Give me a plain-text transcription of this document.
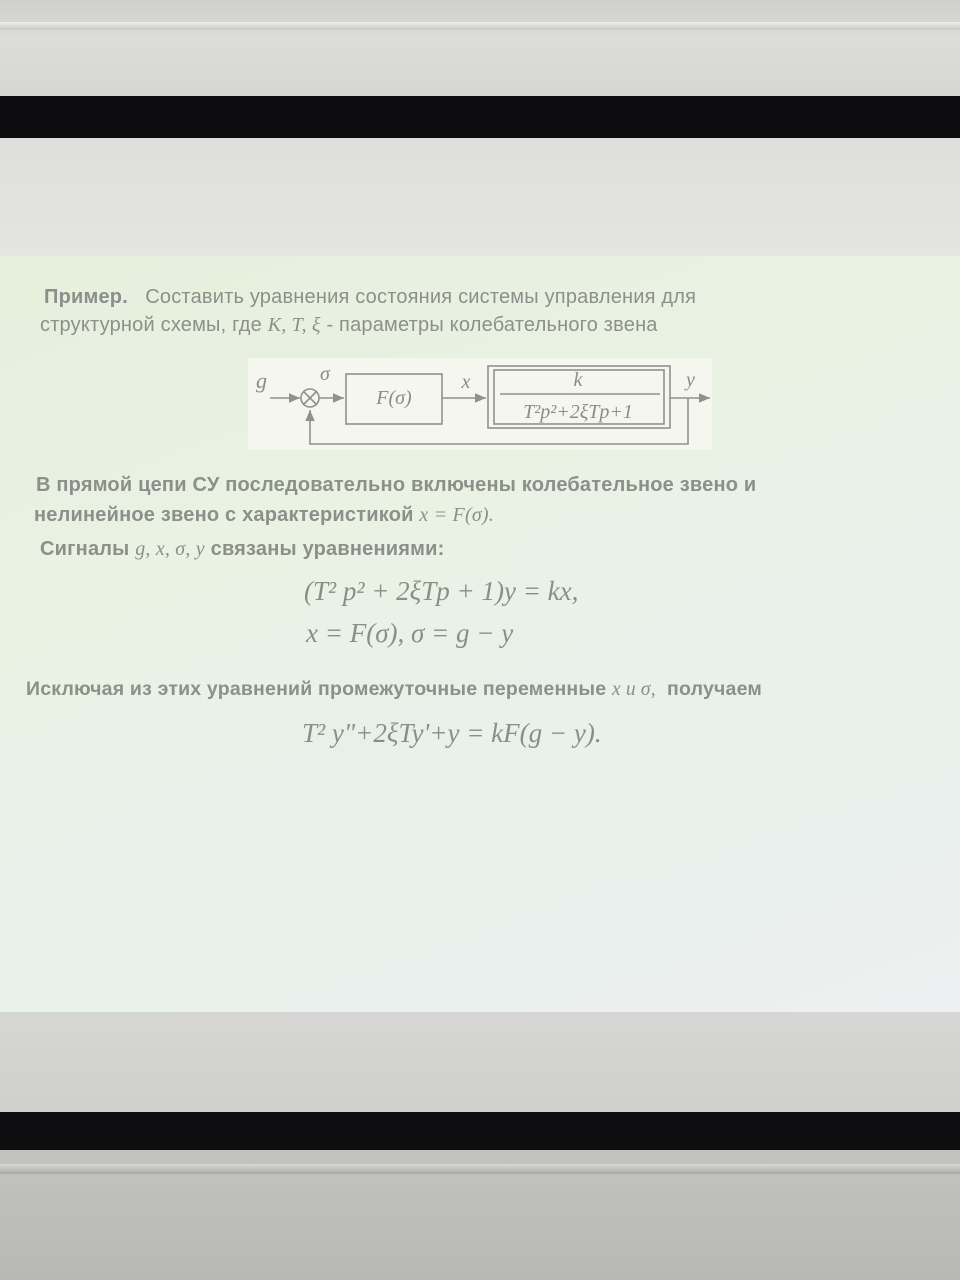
Пример. Составить уравнения состояния системы управления для
структурной схемы, где K, T, ξ - параметры колебательного звена
g	σ
F(σ)
x	k
T²p²+2ξTp+1
y
В прямой цепи СУ последовательно включены колебательное звено и
нелинейное звено с характеристикой x = F(σ).
Сигналы g, x, σ, y связаны уравнениями:
(T² p² + 2ξTp + 1)y = kx,
x = F(σ), σ = g − y
Исключая из этих уравнений промежуточные переменные x и σ, получаем
T² y"+2ξTy'+y = kF(g − y).
